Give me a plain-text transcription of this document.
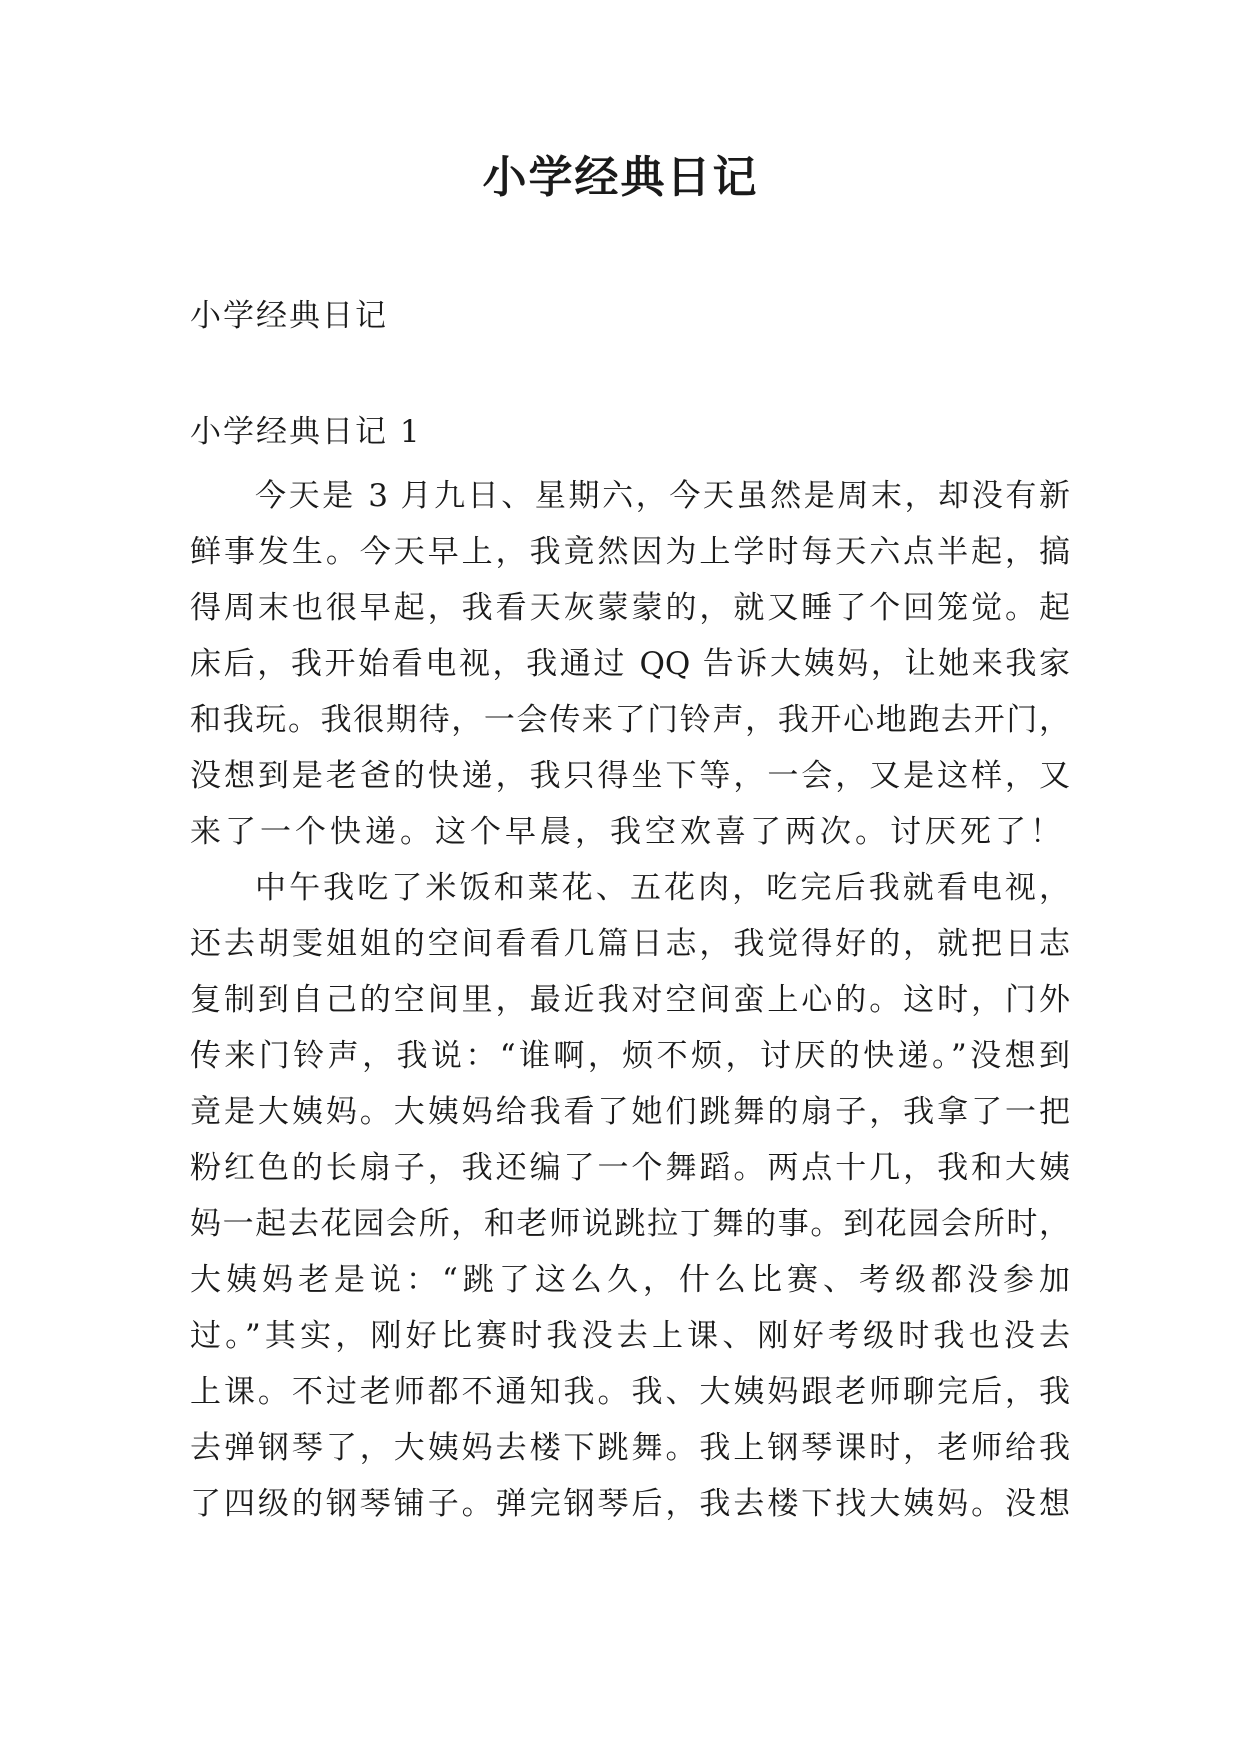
小学经典日记

小学经典日记

小学经典日记 1

今天是 3 月九日、星期六，今天虽然是周末，却没有新

鲜事发生。今天早上，我竟然因为上学时每天六点半起，搞

得周末也很早起，我看天灰蒙蒙的，就又睡了个回笼觉。起

床后，我开始看电视，我通过 QQ 告诉大姨妈，让她来我家

和我玩。我很期待，一会传来了门铃声，我开心地跑去开门，

没想到是老爸的快递，我只得坐下等，一会，又是这样，又

来了一个快递。这个早晨，我空欢喜了两次。讨厌死了！

中午我吃了米饭和菜花、五花肉，吃完后我就看电视，

还去胡雯姐姐的空间看看几篇日志，我觉得好的，就把日志

复制到自己的空间里，最近我对空间蛮上心的。这时，门外

传来门铃声，我说：“谁啊，烦不烦，讨厌的快递。”没想到

竟是大姨妈。大姨妈给我看了她们跳舞的扇子，我拿了一把

粉红色的长扇子，我还编了一个舞蹈。两点十几，我和大姨

妈一起去花园会所，和老师说跳拉丁舞的事。到花园会所时，

大姨妈老是说：“跳了这么久，什么比赛、考级都没参加

过。”其实，刚好比赛时我没去上课、刚好考级时我也没去

上课。不过老师都不通知我。我、大姨妈跟老师聊完后，我

去弹钢琴了，大姨妈去楼下跳舞。我上钢琴课时，老师给我

了四级的钢琴铺子。弹完钢琴后，我去楼下找大姨妈。没想
